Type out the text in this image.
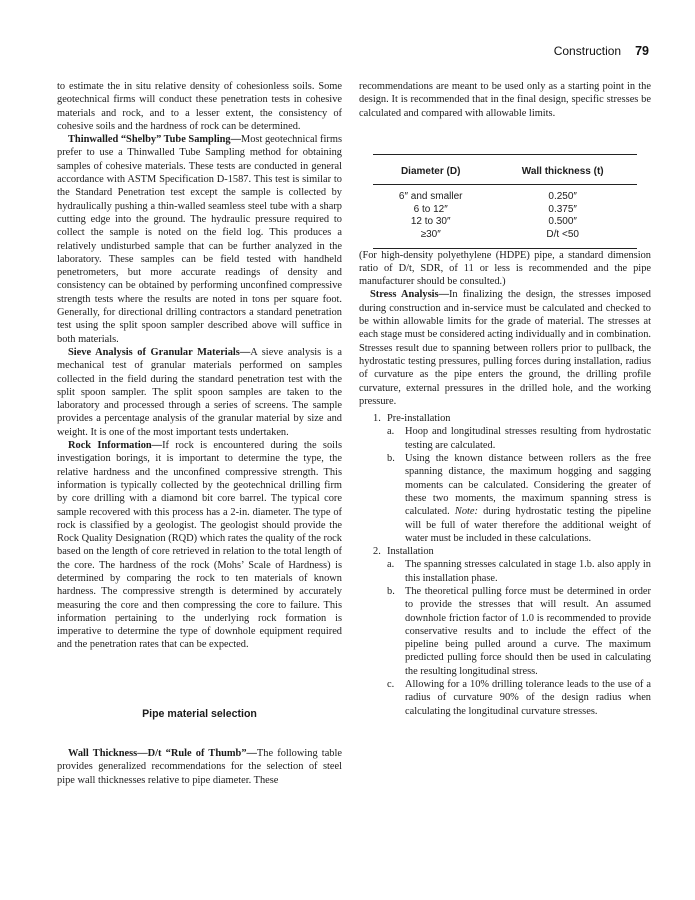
Construction 79

to estimate the in situ relative density of cohesionless soils. Some geotechnical firms will conduct these penetration tests in cohesive materials and rock, and to a lesser extent, the consistency of cohesive soils and the hardness of rock can be determined.

Thinwalled “Shelby” Tube Sampling—Most geotechnical firms prefer to use a Thinwalled Tube Sampling method for obtaining samples of cohesive materials. These tests are conducted in general accordance with ASTM Specification D-1587. This test is similar to the Standard Penetration test except the sample is collected by hydraulically pushing a thin-walled seamless steel tube with a sharp cutting edge into the ground. The hydraulic pressure required to collect the sample is noted on the field log. This produces a relatively undisturbed sample that can be further analyzed in the laboratory. These samples can be field tested with handheld penetrometers, but more accurate readings of density and consistency can be obtained by performing unconfined compressive strength tests where the results are noted in tons per square foot. Generally, for directional drilling contractors a standard penetration test using the split spoon sampler described above will suffice in both materials.

Sieve Analysis of Granular Materials—A sieve analysis is a mechanical test of granular materials performed on samples collected in the field during the standard penetration test with the split spoon sampler. The split spoon samples are taken to the laboratory and processed through a series of screens. The sample provides a percentage analysis of the granular material by size and weight. It is one of the most important tests undertaken.

Rock Information—If rock is encountered during the soils investigation borings, it is important to determine the type, the relative hardness and the unconfined compressive strength. This information is typically collected by the geotechnical drilling firm by core drilling with a diamond bit core barrel. The typical core sample recovered with this process has a 2-in. diameter. The type of rock is classified by a geologist. The geologist should provide the Rock Quality Designation (RQD) which rates the quality of the rock based on the length of core retrieved in relation to the total length of the core. The hardness of the rock (Mohs’ Scale of Hardness) is determined by comparing the rock to ten materials of known hardness. The compressive strength is determined by accurately measuring the core and then compressing the core to failure. This information pertaining to the underlying rock formation is imperative to determine the type of downhole equipment required and the penetration rates that can be expected.

Pipe material selection

Wall Thickness—D/t “Rule of Thumb”—The following table provides generalized recommendations for the selection of steel pipe wall thicknesses relative to pipe diameter. These

recommendations are meant to be used only as a starting point in the design. It is recommended that in the final design, specific stresses be calculated and compared with allowable limits.

Diameter (D)	Wall thickness (t)
6″ and smaller	0.250″
6 to 12″	0.375″
12 to 30″	0.500″
≥30″	D/t <50

(For high-density polyethylene (HDPE) pipe, a standard dimension ratio of D/t, SDR, of 11 or less is recommended and the pipe manufacturer should be consulted.)

Stress Analysis—In finalizing the design, the stresses imposed during construction and in-service must be calculated and checked to be within allowable limits for the grade of material. The stresses at each stage must be considered acting individually and in combination. Stresses result due to spanning between rollers prior to pullback, the hydrostatic testing pressures, pulling forces during installation, radius of curvature as the pipe enters the ground, the drilling profile curvature, external pressures in the drilled hole, and the working pressure.

1. Pre-installation
a.	Hoop and longitudinal stresses resulting from hydrostatic testing are calculated.
b. Using the known distance between rollers as the free spanning distance, the maximum hogging and sagging moments can be calculated. Considering the greater of these two moments, the maximum spanning stress is calculated. Note: during hydrostatic testing the pipeline will be full of water therefore the additional weight of water must be included in these calculations.
2. Installation
a.	The spanning stresses calculated in stage 1.b. also apply in this installation phase.
b. The theoretical pulling force must be determined in order to provide the stresses that will result. An assumed downhole friction factor of 1.0 is recommended to provide conservative results and to include the effect of the pipeline being pulled around a curve. The maximum predicted pulling force should then be used in calculating the resulting longitudinal stress.
c.	Allowing for a 10% drilling tolerance leads to the use of a radius of curvature 90% of the design radius when calculating the longitudinal curvature stresses.
